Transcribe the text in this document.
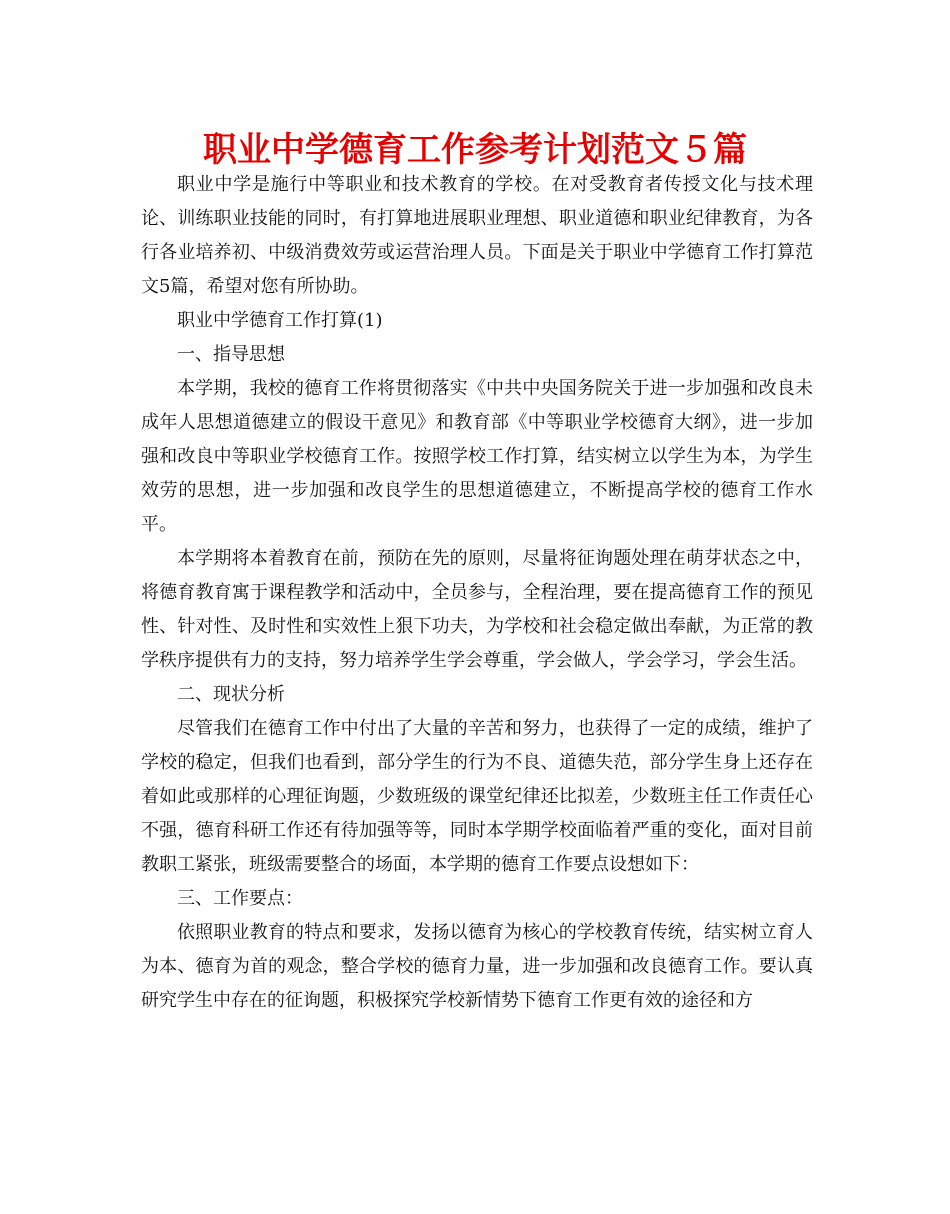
职业中学德育工作参考计划范文５篇

职业中学是施行中等职业和技术教育的学校。在对受教育者传授文化与技术理论、训练职业技能的同时，有打算地进展职业理想、职业道德和职业纪律教育，为各行各业培养初、中级消费效劳或运营治理人员。下面是关于职业中学德育工作打算范文5篇，希望对您有所协助。

职业中学德育工作打算(1)

一、指导思想

本学期，我校的德育工作将贯彻落实《中共中央国务院关于进一步加强和改良未成年人思想道德建立的假设干意见》和教育部《中等职业学校德育大纲》，进一步加强和改良中等职业学校德育工作。按照学校工作打算，结实树立以学生为本，为学生效劳的思想，进一步加强和改良学生的思想道德建立，不断提高学校的德育工作水平。

本学期将本着教育在前，预防在先的原则，尽量将征询题处理在萌芽状态之中，将德育教育寓于课程教学和活动中，全员参与，全程治理，要在提高德育工作的预见性、针对性、及时性和实效性上狠下功夫，为学校和社会稳定做出奉献，为正常的教学秩序提供有力的支持，努力培养学生学会尊重，学会做人，学会学习，学会生活。

二、现状分析

尽管我们在德育工作中付出了大量的辛苦和努力，也获得了一定的成绩，维护了学校的稳定，但我们也看到，部分学生的行为不良、道德失范，部分学生身上还存在着如此或那样的心理征询题，少数班级的课堂纪律还比拟差，少数班主任工作责任心不强，德育科研工作还有待加强等等，同时本学期学校面临着严重的变化，面对目前教职工紧张，班级需要整合的场面，本学期的德育工作要点设想如下：

三、工作要点：

依照职业教育的特点和要求，发扬以德育为核心的学校教育传统，结实树立育人为本、德育为首的观念，整合学校的德育力量，进一步加强和改良德育工作。要认真研究学生中存在的征询题，积极探究学校新情势下德育工作更有效的途径和方
